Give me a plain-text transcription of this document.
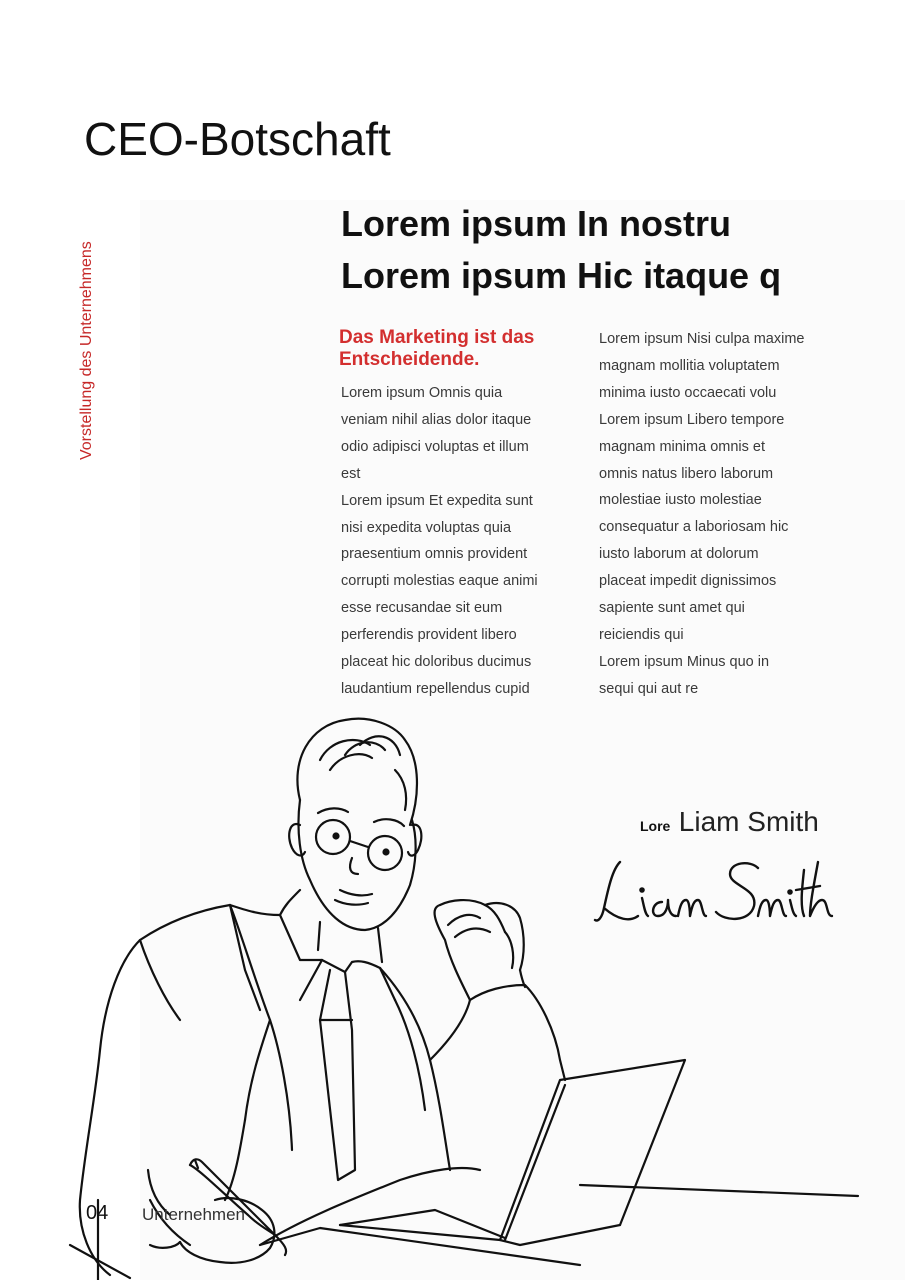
CEO-Botschaft
Vorstellung des Unternehmens
Lorem ipsum In nostru
Lorem ipsum Hic itaque q
Das Marketing ist das Entscheidende.
Lorem ipsum Omnis quia
veniam nihil alias dolor itaque
odio adipisci voluptas et illum
est
Lorem ipsum Et expedita sunt
nisi expedita voluptas quia
praesentium omnis provident
corrupti molestias eaque animi
esse recusandae sit eum
perferendis provident libero
placeat hic doloribus ducimus
laudantium repellendus cupid
Lorem ipsum Nisi culpa maxime
magnam mollitia voluptatem
minima iusto occaecati volu
Lorem ipsum Libero tempore
magnam minima omnis et
omnis natus libero laborum
molestiae iusto molestiae
consequatur a laboriosam hic
iusto laborum at dolorum
placeat impedit dignissimos
sapiente sunt amet qui
reiciendis qui
Lorem ipsum Minus quo in
sequi qui aut re
Lore Liam Smith
04 Unternehmen
